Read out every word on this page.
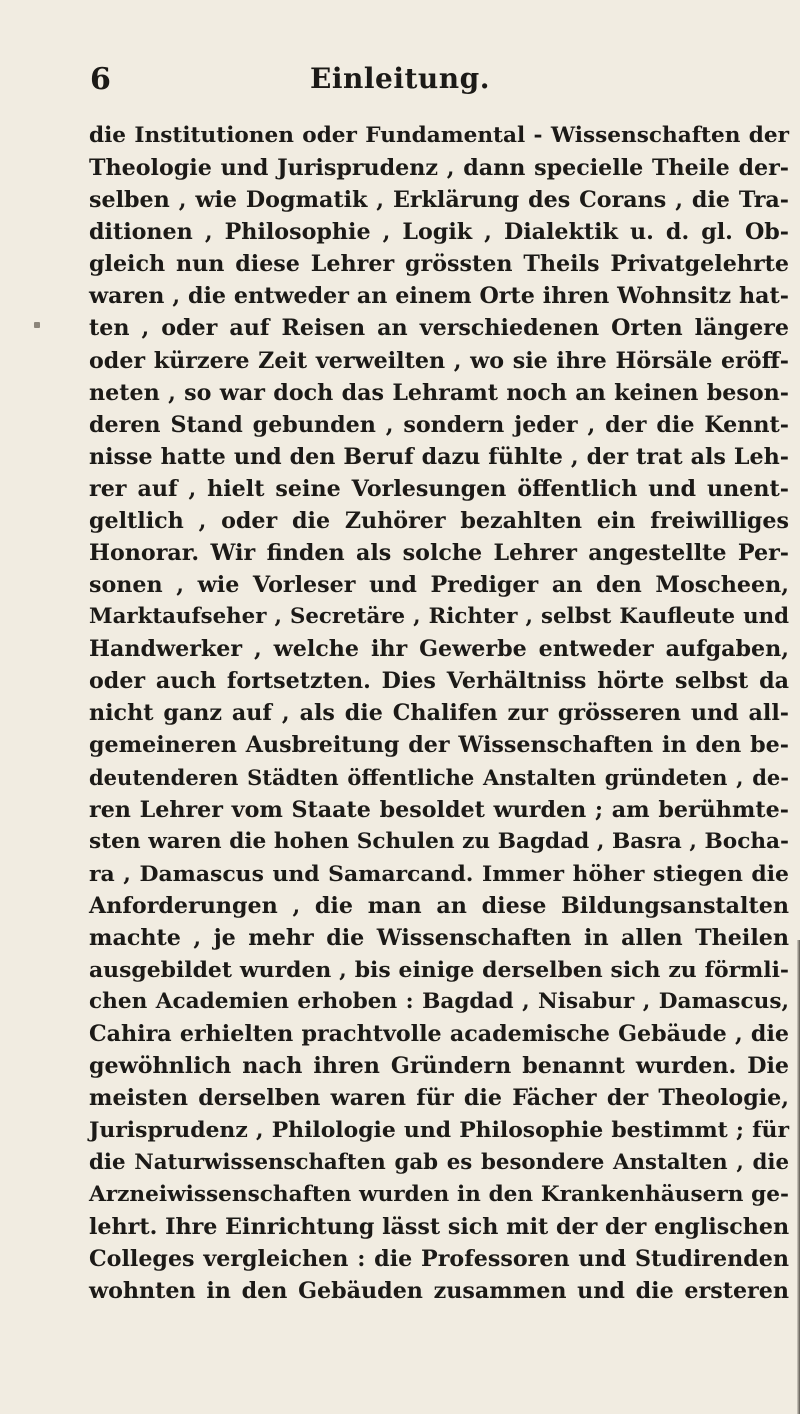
6	Einleitung.
die Institutionen oder Fundamental - Wissenschaften der
Theologie und Jurisprudenz , dann specielle Theile der-
selben , wie Dogmatik , Erklärung des Corans , die Tra-
ditionen , Philosophie , Logik , Dialektik u. d. gl. Ob-
gleich nun diese Lehrer grössten Theils Privatgelehrte
waren , die entweder an einem Orte ihren Wohnsitz hat-
ten , oder auf Reisen an verschiedenen Orten längere
oder kürzere Zeit verweilten , wo sie ihre Hörsäle eröff-
neten , so war doch das Lehramt noch an keinen beson-
deren Stand gebunden , sondern jeder , der die Kennt-
nisse hatte und den Beruf dazu fühlte , der trat als Leh-
rer auf , hielt seine Vorlesungen öffentlich und unent-
geltlich , oder die Zuhörer bezahlten ein freiwilliges
Honorar. Wir finden als solche Lehrer angestellte Per-
sonen , wie Vorleser und Prediger an den Moscheen,
Marktaufseher , Secretäre , Richter , selbst Kaufleute und
Handwerker , welche ihr Gewerbe entweder aufgaben,
oder auch fortsetzten. Dies Verhältniss hörte selbst da
nicht ganz auf , als die Chalifen zur grösseren und all-
gemeineren Ausbreitung der Wissenschaften in den be-
deutenderen Städten öffentliche Anstalten gründeten , de-
ren Lehrer vom Staate besoldet wurden ; am berühmte-
sten waren die hohen Schulen zu Bagdad , Basra , Bocha-
ra , Damascus und Samarcand. Immer höher stiegen die
Anforderungen , die man an diese Bildungsanstalten
machte , je mehr die Wissenschaften in allen Theilen
ausgebildet wurden , bis einige derselben sich zu förmli-
chen Academien erhoben : Bagdad , Nisabur , Damascus,
Cahira erhielten prachtvolle academische Gebäude , die
gewöhnlich nach ihren Gründern benannt wurden. Die
meisten derselben waren für die Fächer der Theologie,
Jurisprudenz , Philologie und Philosophie bestimmt ; für
die Naturwissenschaften gab es besondere Anstalten , die
Arzneiwissenschaften wurden in den Krankenhäusern ge-
lehrt. Ihre Einrichtung lässt sich mit der der englischen
Colleges vergleichen : die Professoren und Studirenden
wohnten in den Gebäuden zusammen und die ersteren
